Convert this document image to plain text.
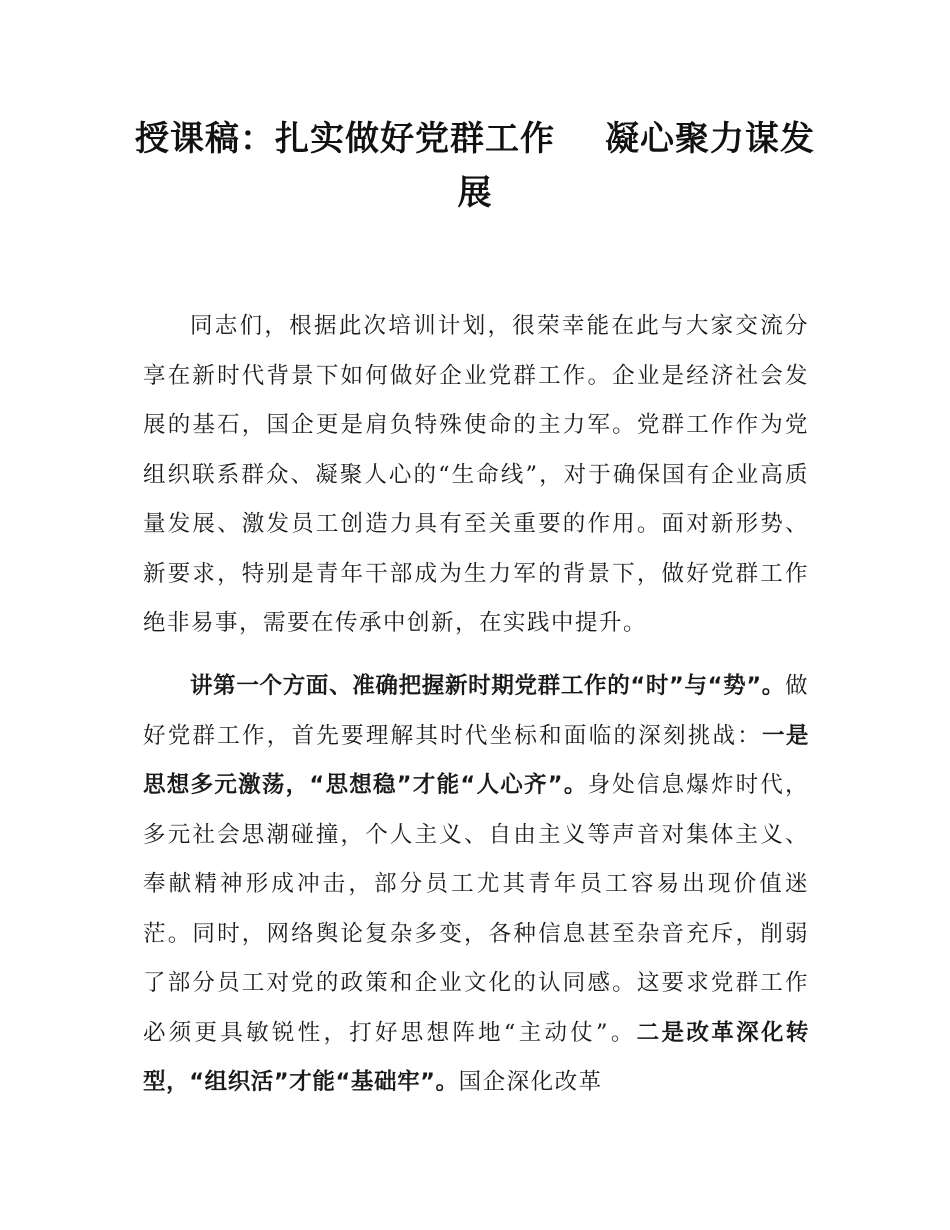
授课稿：扎实做好党群工作 凝心聚力谋发展

同志们，根据此次培训计划，很荣幸能在此与大家交流分享在新时代背景下如何做好企业党群工作。企业是经济社会发展的基石，国企更是肩负特殊使命的主力军。党群工作作为党组织联系群众、凝聚人心的“生命线”，对于确保国有企业高质量发展、激发员工创造力具有至关重要的作用。面对新形势、新要求，特别是青年干部成为生力军的背景下，做好党群工作绝非易事，需要在传承中创新，在实践中提升。

讲第一个方面、准确把握新时期党群工作的“时”与“势”。做好党群工作，首先要理解其时代坐标和面临的深刻挑战：一是思想多元激荡，“思想稳”才能“人心齐”。身处信息爆炸时代，多元社会思潮碰撞，个人主义、自由主义等声音对集体主义、奉献精神形成冲击，部分员工尤其青年员工容易出现价值迷茫。同时，网络舆论复杂多变，各种信息甚至杂音充斥，削弱了部分员工对党的政策和企业文化的认同感。这要求党群工作必须更具敏锐性，打好思想阵地“主动仗”。二是改革深化转型，“组织活”才能“基础牢”。国企深化改革
